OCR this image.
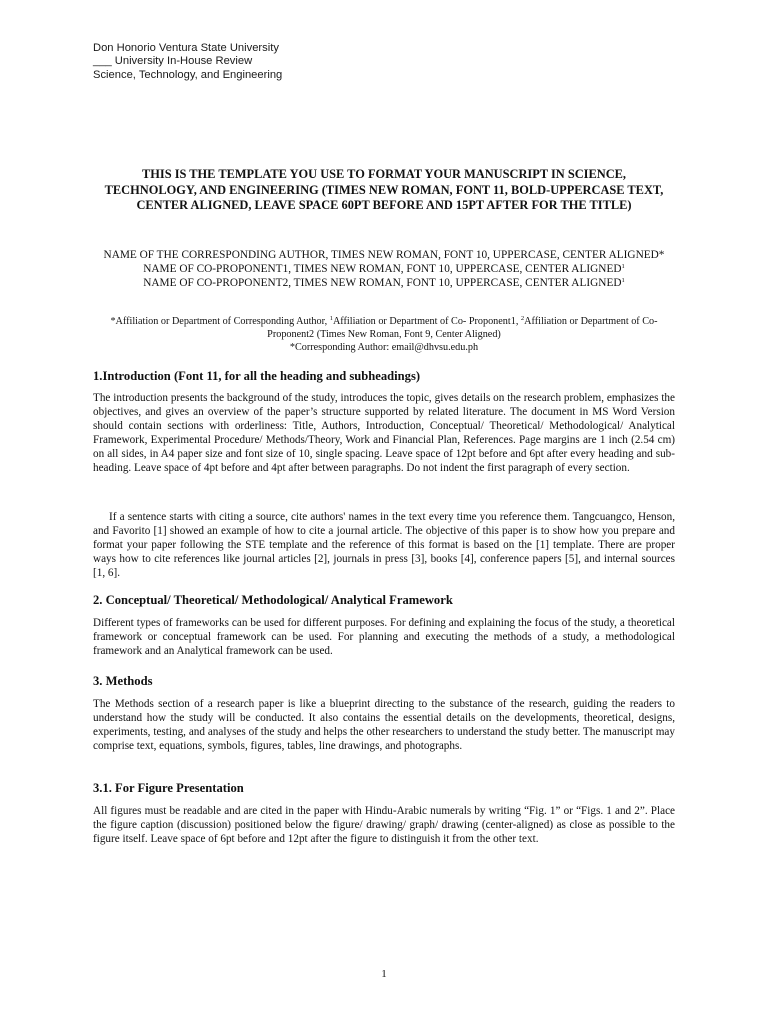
Don Honorio Ventura State University
___ University In-House Review
Science, Technology, and Engineering
THIS IS THE TEMPLATE YOU USE TO FORMAT YOUR MANUSCRIPT IN SCIENCE, TECHNOLOGY, AND ENGINEERING (TIMES NEW ROMAN, FONT 11, BOLD-UPPERCASE TEXT, CENTER ALIGNED, LEAVE SPACE 60PT BEFORE AND 15PT AFTER FOR THE TITLE)
NAME OF THE CORRESPONDING AUTHOR, TIMES NEW ROMAN, FONT 10, UPPERCASE, CENTER ALIGNED*
NAME OF CO-PROPONENT1, TIMES NEW ROMAN, FONT 10, UPPERCASE, CENTER ALIGNED$^1$
NAME OF CO-PROPONENT2, TIMES NEW ROMAN, FONT 10, UPPERCASE, CENTER ALIGNED$^1$
*Affiliation or Department of Corresponding Author, $^1$Affiliation or Department of Co- Proponent1, $^2$Affiliation or Department of Co- Proponent2 (Times New Roman, Font 9, Center Aligned)
*Corresponding Author: email@dhvsu.edu.ph
1.Introduction (Font 11, for all the heading and subheadings)
The introduction presents the background of the study, introduces the topic, gives details on the research problem, emphasizes the objectives, and gives an overview of the paper’s structure supported by related literature. The document in MS Word Version should contain sections with orderliness: Title, Authors, Introduction, Conceptual/ Theoretical/ Methodological/ Analytical Framework, Experimental Procedure/ Methods/Theory, Work and Financial Plan, References. Page margins are 1 inch (2.54 cm) on all sides, in A4 paper size and font size of 10, single spacing. Leave space of 12pt before and 6pt after every heading and sub-heading. Leave space of 4pt before and 4pt after between paragraphs. Do not indent the first paragraph of every section.
If a sentence starts with citing a source, cite authors' names in the text every time you reference them. Tangcuangco, Henson, and Favorito [1] showed an example of how to cite a journal article. The objective of this paper is to show how you prepare and format your paper following the STE template and the reference of this format is based on the [1] template. There are proper ways how to cite references like journal articles [2], journals in press [3], books [4], conference papers [5], and internal sources [1, 6].
2. Conceptual/ Theoretical/ Methodological/ Analytical Framework
Different types of frameworks can be used for different purposes. For defining and explaining the focus of the study, a theoretical framework or conceptual framework can be used. For planning and executing the methods of a study, a methodological framework and an Analytical framework can be used.
3. Methods
The Methods section of a research paper is like a blueprint directing to the substance of the research, guiding the readers to understand how the study will be conducted. It also contains the essential details on the developments, theoretical, designs, experiments, testing, and analyses of the study and helps the other researchers to understand the study better. The manuscript may comprise text, equations, symbols, figures, tables, line drawings, and photographs.
3.1. For Figure Presentation
All figures must be readable and are cited in the paper with Hindu-Arabic numerals by writing “Fig. 1” or “Figs. 1 and 2”. Place the figure caption (discussion) positioned below the figure/ drawing/ graph/ drawing (center-aligned) as close as possible to the figure itself. Leave space of 6pt before and 12pt after the figure to distinguish it from the other text.
1
